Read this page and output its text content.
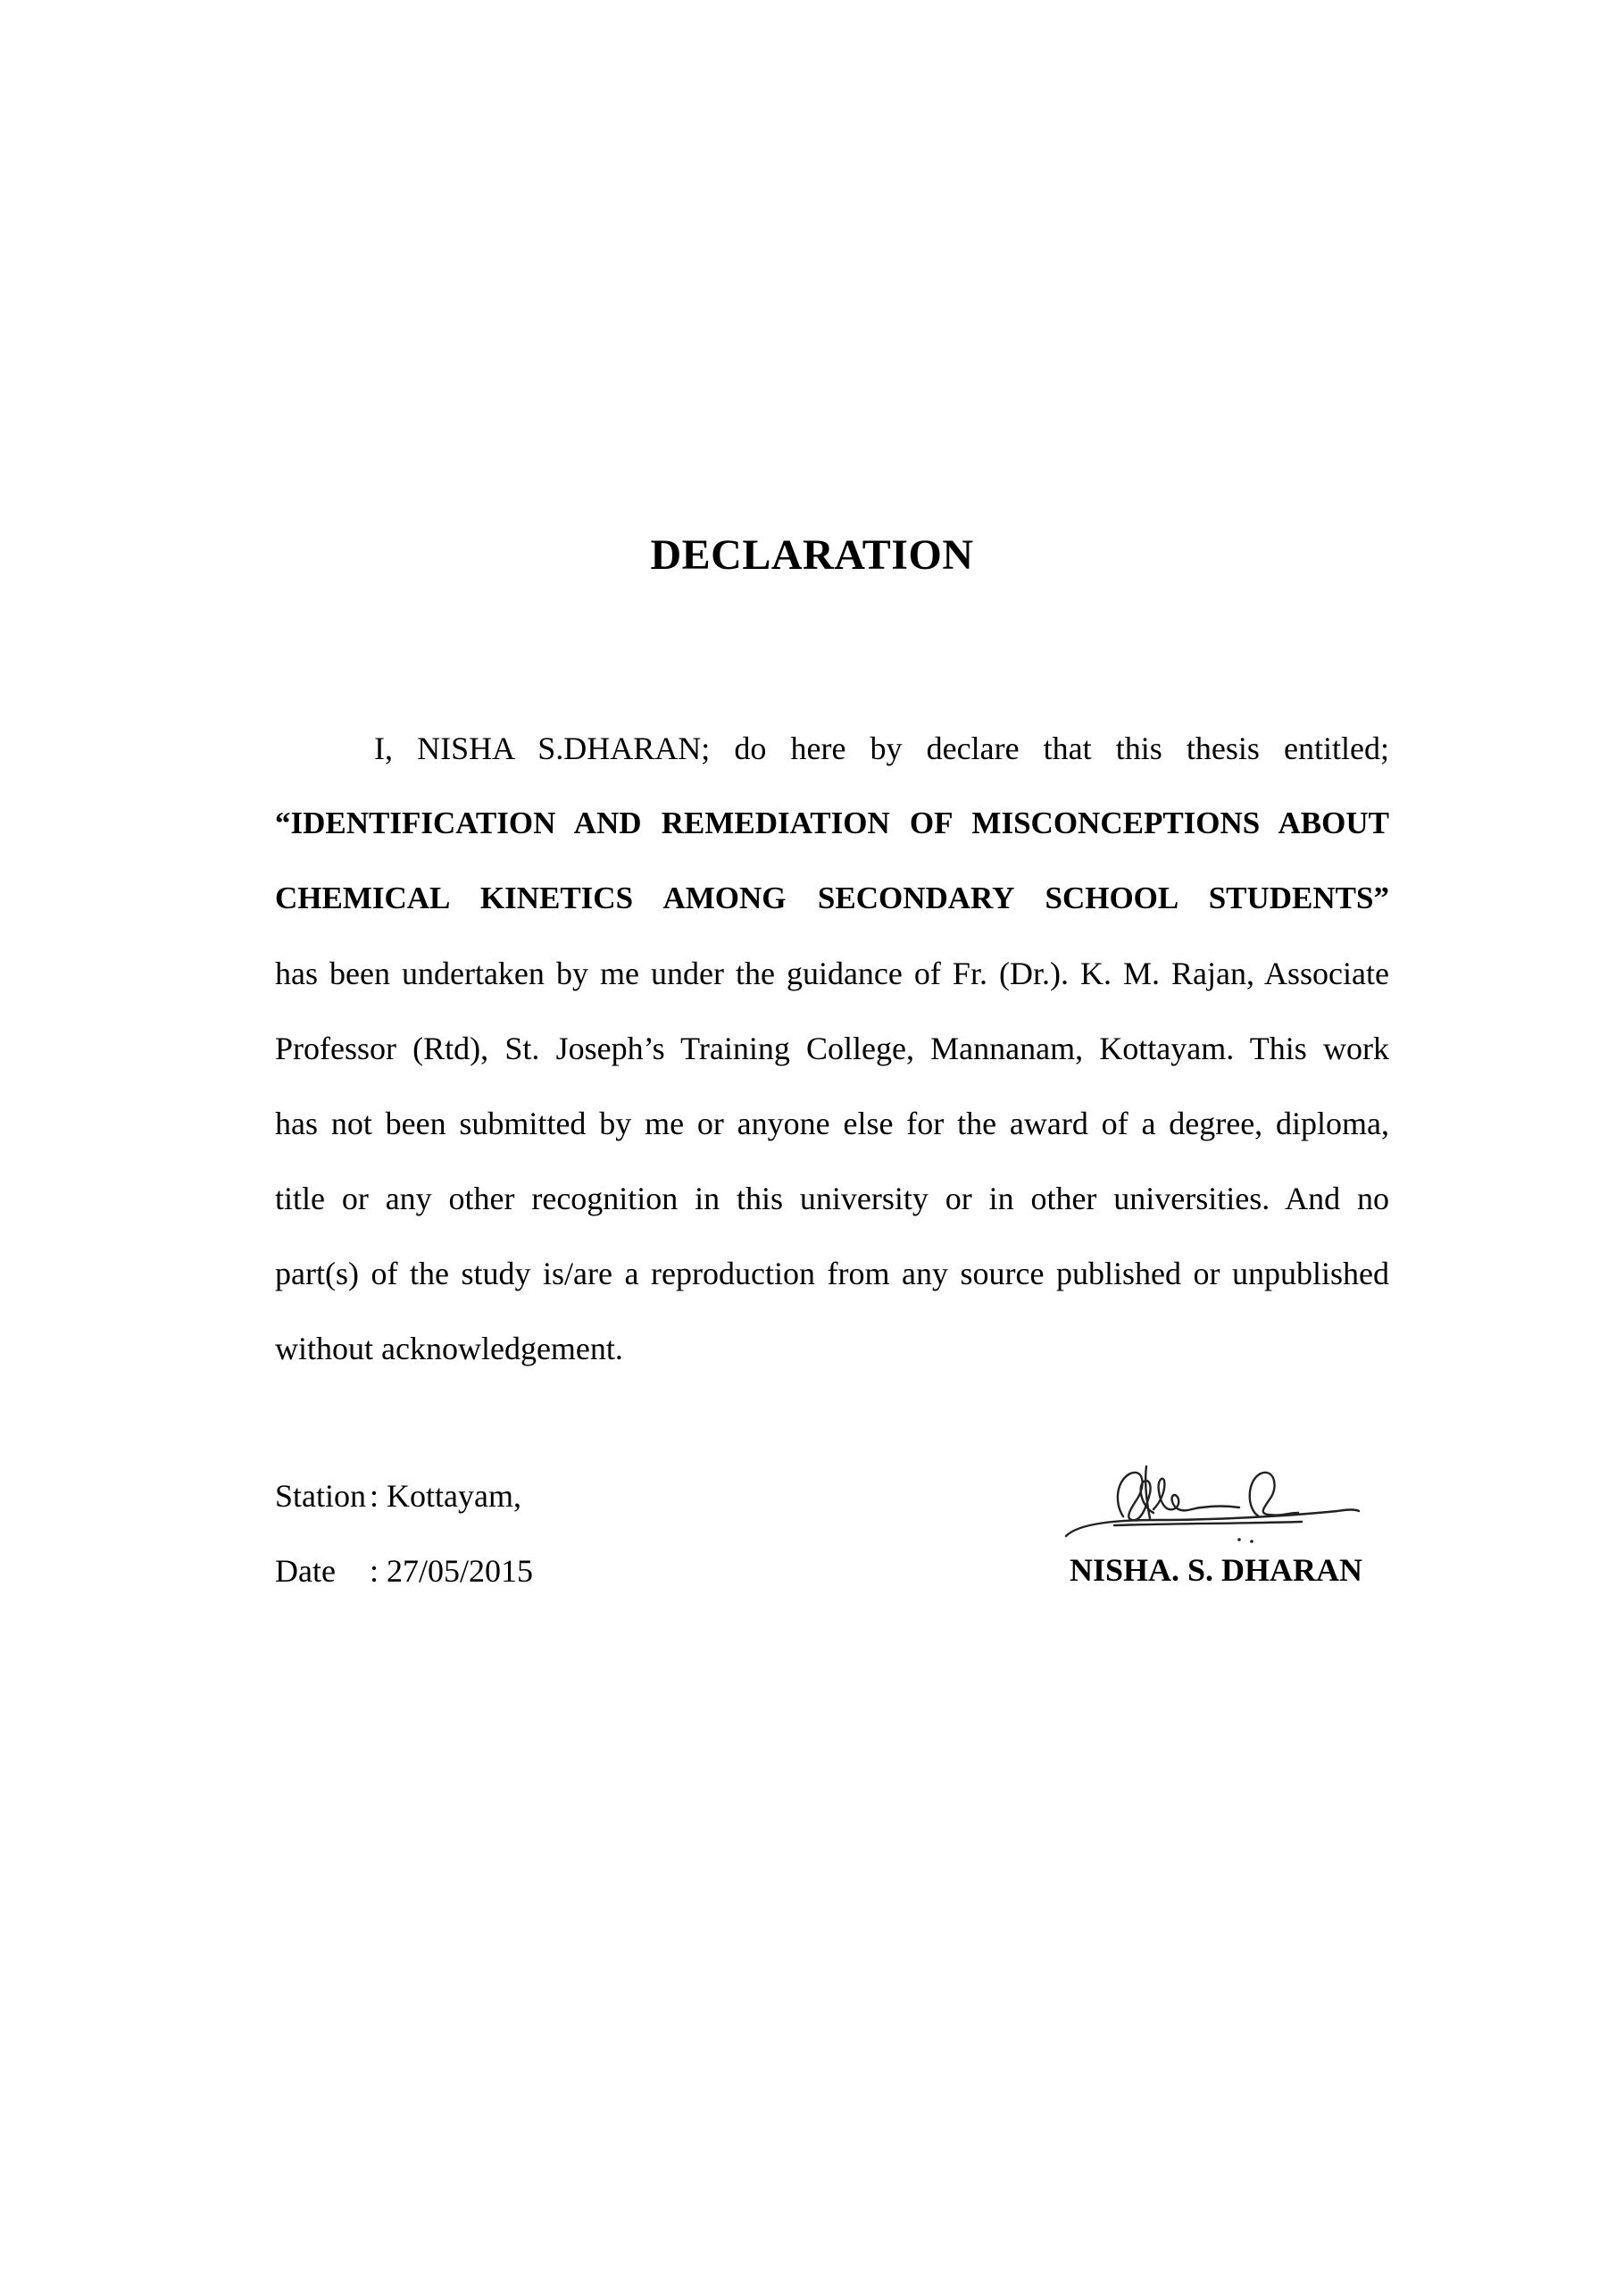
DECLARATION
I, NISHA S.DHARAN; do here by declare that this thesis entitled;
“IDENTIFICATION AND REMEDIATION OF MISCONCEPTIONS ABOUT
CHEMICAL KINETICS AMONG SECONDARY SCHOOL STUDENTS”
has been undertaken by me under the guidance of Fr. (Dr.). K. M. Rajan, Associate
Professor (Rtd), St. Joseph’s Training College, Mannanam, Kottayam. This work
has not been submitted by me or anyone else for the award of a degree, diploma,
title or any other recognition in this university or in other universities. And no
part(s) of the study is/are a reproduction from any source published or unpublished
without acknowledgement.
Station : Kottayam,
Date : 27/05/2015	NISHA. S. DHARAN
